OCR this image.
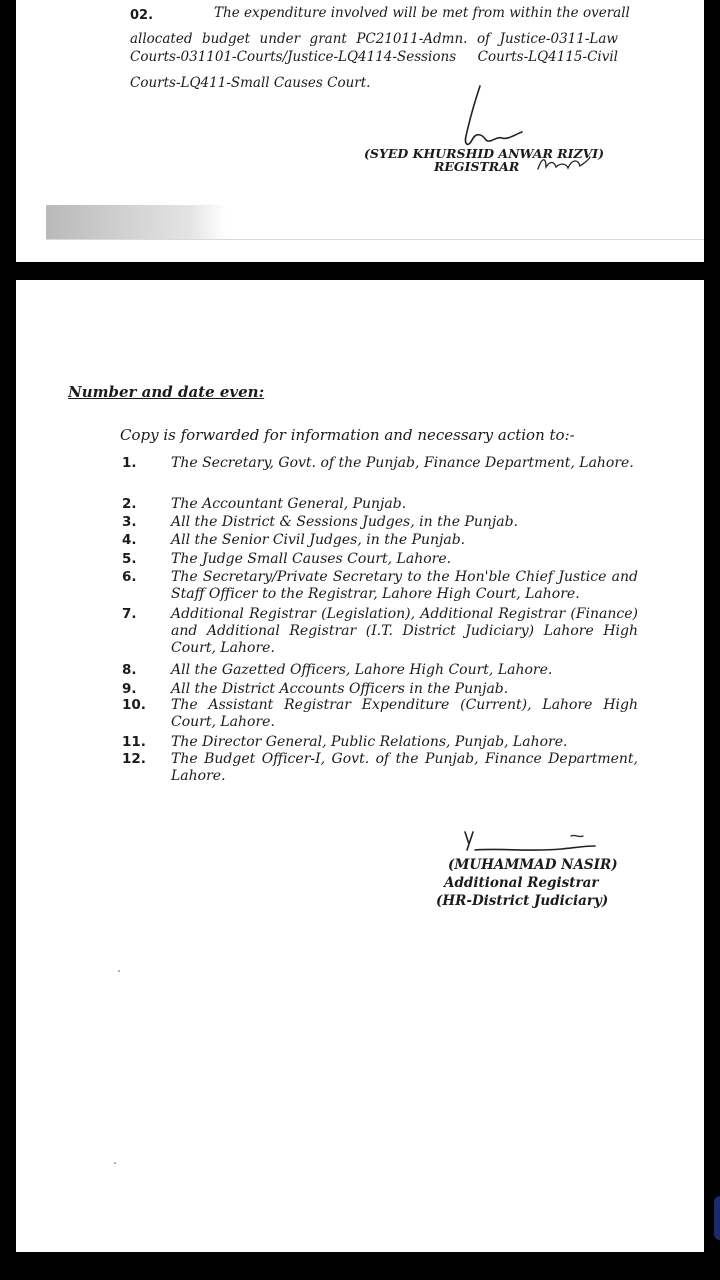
02.	The expenditure involved will be met from within the overall
allocated budget under grant PC21011-Admn. of Justice-0311-Law
Courts-031101-Courts/Justice-LQ4114-Sessions Courts-LQ4115-Civil
Courts-LQ411-Small Causes Court.
(SYED KHURSHID ANWAR RIZVI)
REGISTRAR
Number and date even:
Copy is forwarded for information and necessary action to:-
1. The Secretary, Govt. of the Punjab, Finance Department, Lahore.
2. The Accountant General, Punjab.
3. All the District & Sessions Judges, in the Punjab.
4. All the Senior Civil Judges, in the Punjab.
5. The Judge Small Causes Court, Lahore.
6. The Secretary/Private Secretary to the Hon'ble Chief Justice and Staff Officer to the Registrar, Lahore High Court, Lahore.
7. Additional Registrar (Legislation), Additional Registrar (Finance) and Additional Registrar (I.T. District Judiciary) Lahore High Court, Lahore.
8. All the Gazetted Officers, Lahore High Court, Lahore.
9. All the District Accounts Officers in the Punjab.
10. The Assistant Registrar Expenditure (Current), Lahore High Court, Lahore.
11. The Director General, Public Relations, Punjab, Lahore.
12. The Budget Officer-I, Govt. of the Punjab, Finance Department, Lahore.
(MUHAMMAD NASIR)
Additional Registrar
(HR-District Judiciary)
